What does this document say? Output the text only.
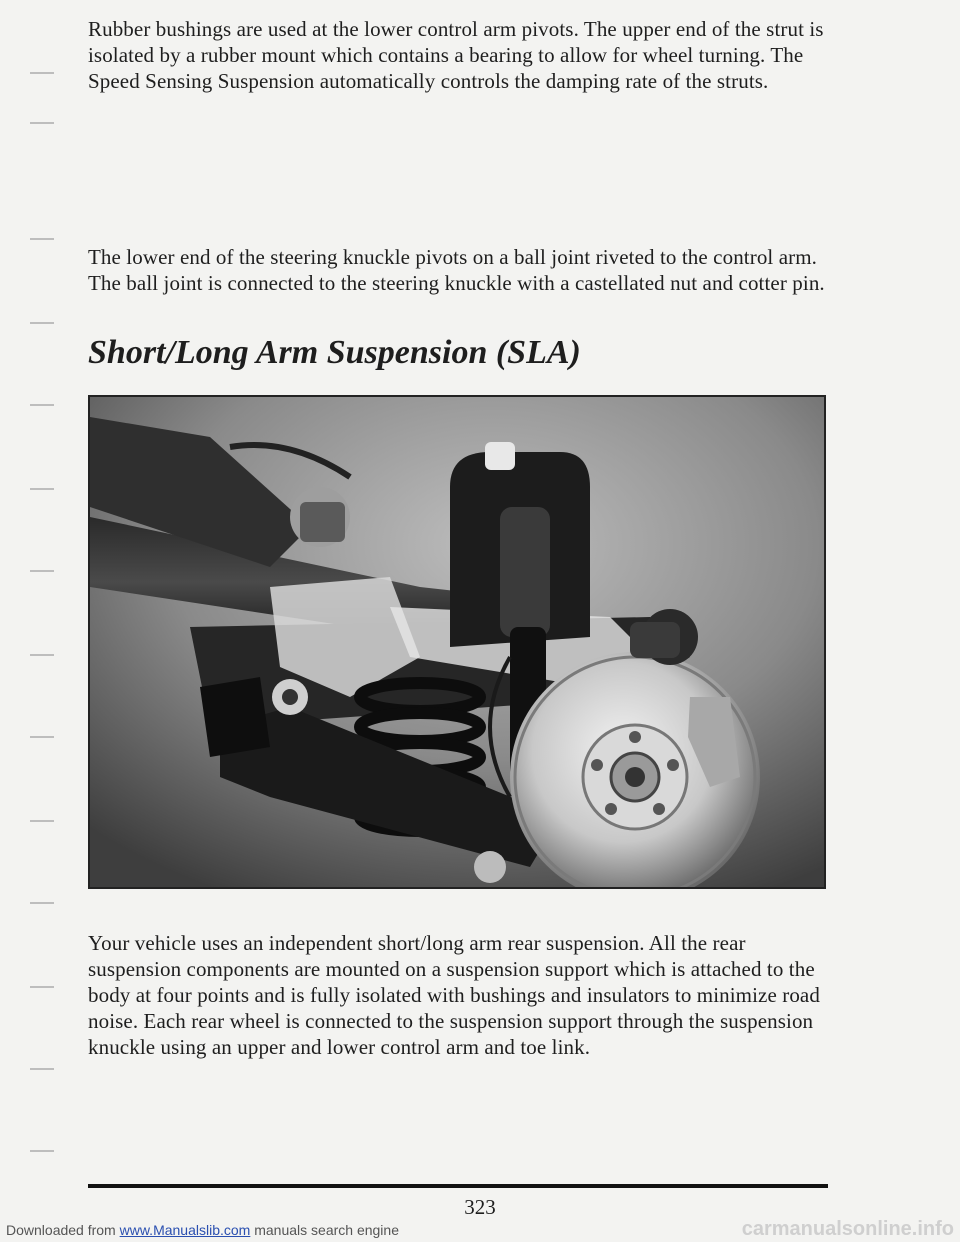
Rubber bushings are used at the lower control arm pivots. The upper end of the strut is isolated by a rubber mount which contains a bearing to allow for wheel turning. The Speed Sensing Suspension automatically controls the damping rate of the struts.

The lower end of the steering knuckle pivots on a ball joint riveted to the control arm. The ball joint is connected to the steering knuckle with a castellated nut and cotter pin.

Short/Long Arm Suspension (SLA)

Your vehicle uses an independent short/long arm rear suspension. All the rear suspension components are mounted on a suspension support which is attached to the body at four points and is fully isolated with bushings and insulators to minimize road noise. Each rear wheel is connected to the suspension support through the suspension knuckle using an upper and lower control arm and toe link.

323
Downloaded from www.Manualslib.com manuals search engine	carmanualsonline.info
